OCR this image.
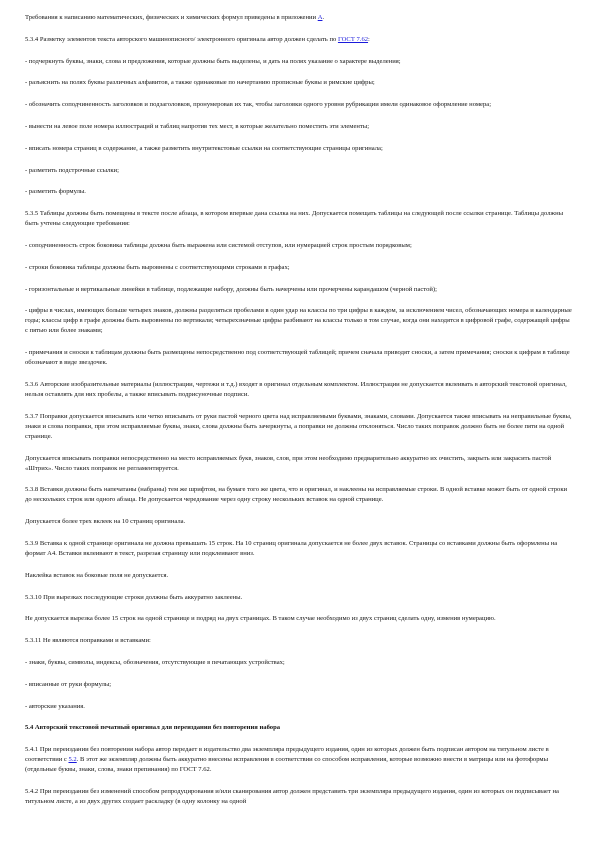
Требования к написанию математических, физических и химических формул приведены в приложении А.

5.3.4 Разметку элементов текста авторского машинописного/ электронного оригинала автор должен сделать по ГОСТ 7.62:

- подчеркнуть буквы, знаки, слова и предложения, которые должны быть выделены, и дать на полях указание о характере выделения;

- разъяснить на полях буквы различных алфавитов, а также одинаковые по начертанию прописные буквы и римские цифры;

- обозначить соподчиненность заголовков и подзаголовков, пронумеровав их так, чтобы заголовки одного уровня рубрикации имели одинаковое оформление номера;

- вынести на левое поле номера иллюстраций и таблиц напротив тех мест, в которые желательно поместить эти элементы;

- вписать номера страниц в содержание, а также разметить внутритекстовые ссылки на соответствующие страницы оригинала;

- разметить подстрочные ссылки;

- разметить формулы.

5.3.5 Таблицы должны быть помещены в тексте после абзаца, в котором впервые дана ссылка на них. Допускается помещать таблицы на следующей после ссылки странице. Таблицы должны быть учтены следующие требования:

- соподчиненность строк боковика таблицы должна быть выражена или системой отступов, или нумерацией строк простым порядковым;

- строки боковика таблицы должны быть выровнены с соответствующими строками в графах;

- горизонтальные и вертикальные линейки в таблице, подлежащие набору, должны быть начерчены или прочерчены карандашом (черной пастой);

- цифры в числах, имеющих больше четырех знаков, должны разделяться пробелами в один удар на классы по три цифры в каждом, за исключением чисел, обозначающих номера и календарные годы; классы цифр в графе должны быть выровнены по вертикали; четырехзначные цифры разбивают на классы только в том случае, когда они находятся в цифровой графе, содержащей цифры с пятью или более знаками;

- примечания и сноски к таблицам должны быть размещены непосредственно под соответствующей таблицей; причем сначала приводят сноски, а затем примечания; сноски к цифрам в таблице обозначают в виде звездочек.

5.3.6 Авторские изобразительные материалы (иллюстрации, чертежи и т.д.) входят в оригинал отдельным комплектом. Иллюстрации не допускается вклеивать в авторский текстовой оригинал, нельзя оставлять для них пробелы, а также вписывать подрисуночные подписи.

5.3.7 Поправки допускается вписывать или четко вписывать от руки пастой черного цвета над исправляемыми буквами, знаками, словами. Допускается также вписывать на неправильные буквы, знаки и слова поправки, при этом исправляемые буквы, знаки, слова должны быть зачеркнуты, а поправки не должны отклоняться. Число таких поправок должно быть не более пяти на одной странице.

Допускается вписывать поправки непосредственно на место исправляемых букв, знаков, слов, при этом необходимо предварительно аккуратно их очистить, закрыть или закрасить пастой «Штрих». Число таких поправок не регламентируется.

5.3.8 Вставки должны быть напечатаны (набраны) тем же шрифтом, на бумаге того же цвета, что и оригинал, и наклеены на исправляемые строки. В одной вставке может быть от одной строки до нескольких строк или одного абзаца. Не допускается чередование через одну строку нескольких вставок на одной странице.

Допускается более трех вклеек на 10 страниц оригинала.

5.3.9 Вставка к одной странице оригинала не должна превышать 15 строк. На 10 страниц оригинала допускается не более двух вставок. Страницы со вставками должны быть оформлены на формат А4. Вставки вклеивают в текст, разрезая страницу или подклеивают вниз.

Наклейка вставок на боковые поля не допускается.

5.3.10 При вырезках последующие строки должны быть аккуратно заклеены.

Не допускается вырезка более 15 строк на одной странице и подряд на двух страницах. В таком случае необходимо из двух страниц сделать одну, изменив нумерацию.

5.3.11 Не являются поправками и вставками:

- знаки, буквы, символы, индексы, обозначения, отсутствующие в печатающих устройствах;

- вписанные от руки формулы;

- авторские указания.

5.4 Авторский текстовой печатный оригинал для переиздания без повторения набора

5.4.1 При переиздании без повторения набора автор передает в издательство два экземпляра предыдущего издания, один из которых должен быть подписан автором на титульном листе в соответствии с 5.2. В этот же экземпляр должны быть аккуратно внесены исправления в соответствии со способом исправления, которые возможно внести в матрицы или на фотоформы (отдельные буквы, знаки, слова, знаки препинания) по ГОСТ 7.62.

5.4.2 При переиздании без изменений способом репродуцирования и/или сканирования автор должен представить три экземпляра предыдущего издания, один из которых он подписывает на титульном листе, а из двух других создает раскладку (в одну колонку на одной
